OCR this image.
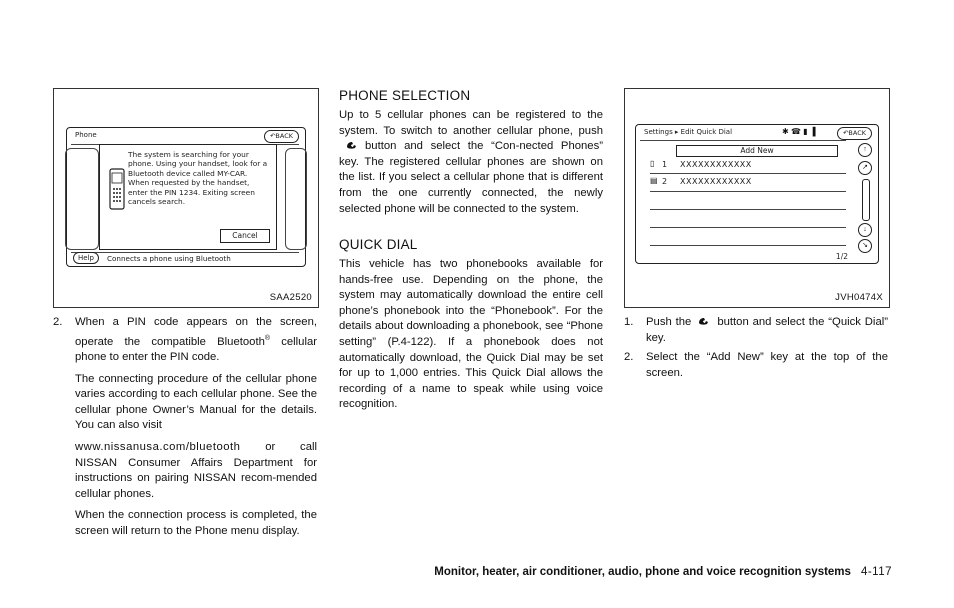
Phone	↶BACK
The system is searching for your phone. Using your handset, look for a Bluetooth device called MY-CAR. When requested by the handset, enter the PIN 1234. Exiting screen cancels search.
Cancel
Help	Connects a phone using Bluetooth
SAA2520
Settings ▸ Edit Quick Dial	✱ ☎ ▮ ▐	↶BACK
Add New
▯ 1 XXXXXXXXXXXX
▤ 2 XXXXXXXXXXXX
↑
↗
↓
↘
1/2
JVH0474X
2. When a PIN code appears on the screen, operate the compatible Bluetooth® cellular phone to enter the PIN code.

The connecting procedure of the cellular phone varies according to each cellular phone. See the cellular phone Owner’s Manual for the details. You can also visit

www.nissanusa.com/bluetooth or call NISSAN Consumer Affairs Department for instructions on pairing NISSAN recom-mended cellular phones.

When the connection process is completed, the screen will return to the Phone menu display.

PHONE SELECTION

Up to 5 cellular phones can be registered to the system. To switch to another cellular phone, pushbutton and select the “Con-nected Phones” key. The registered cellular phones are shown on the list. If you select a cellular phone that is different from the one currently connected, the newly selected phone will be connected to the system.

QUICK DIAL

This vehicle has two phonebooks available for hands-free use. Depending on the phone, the system may automatically download the entire cell phone’s phonebook into the “Phonebook”. For the details about downloading a phonebook, see “Phone setting” (P.4-122). If a phonebook does not automatically download, the Quick Dial may be set for up to 1,000 entries. This Quick Dial allows the recording of a name to speak while using voice recognition.

1. Push the button and select the “Quick Dial” key.

2. Select the “Add New” key at the top of the screen.

Monitor, heater, air conditioner, audio, phone and voice recognition systems 4-117
